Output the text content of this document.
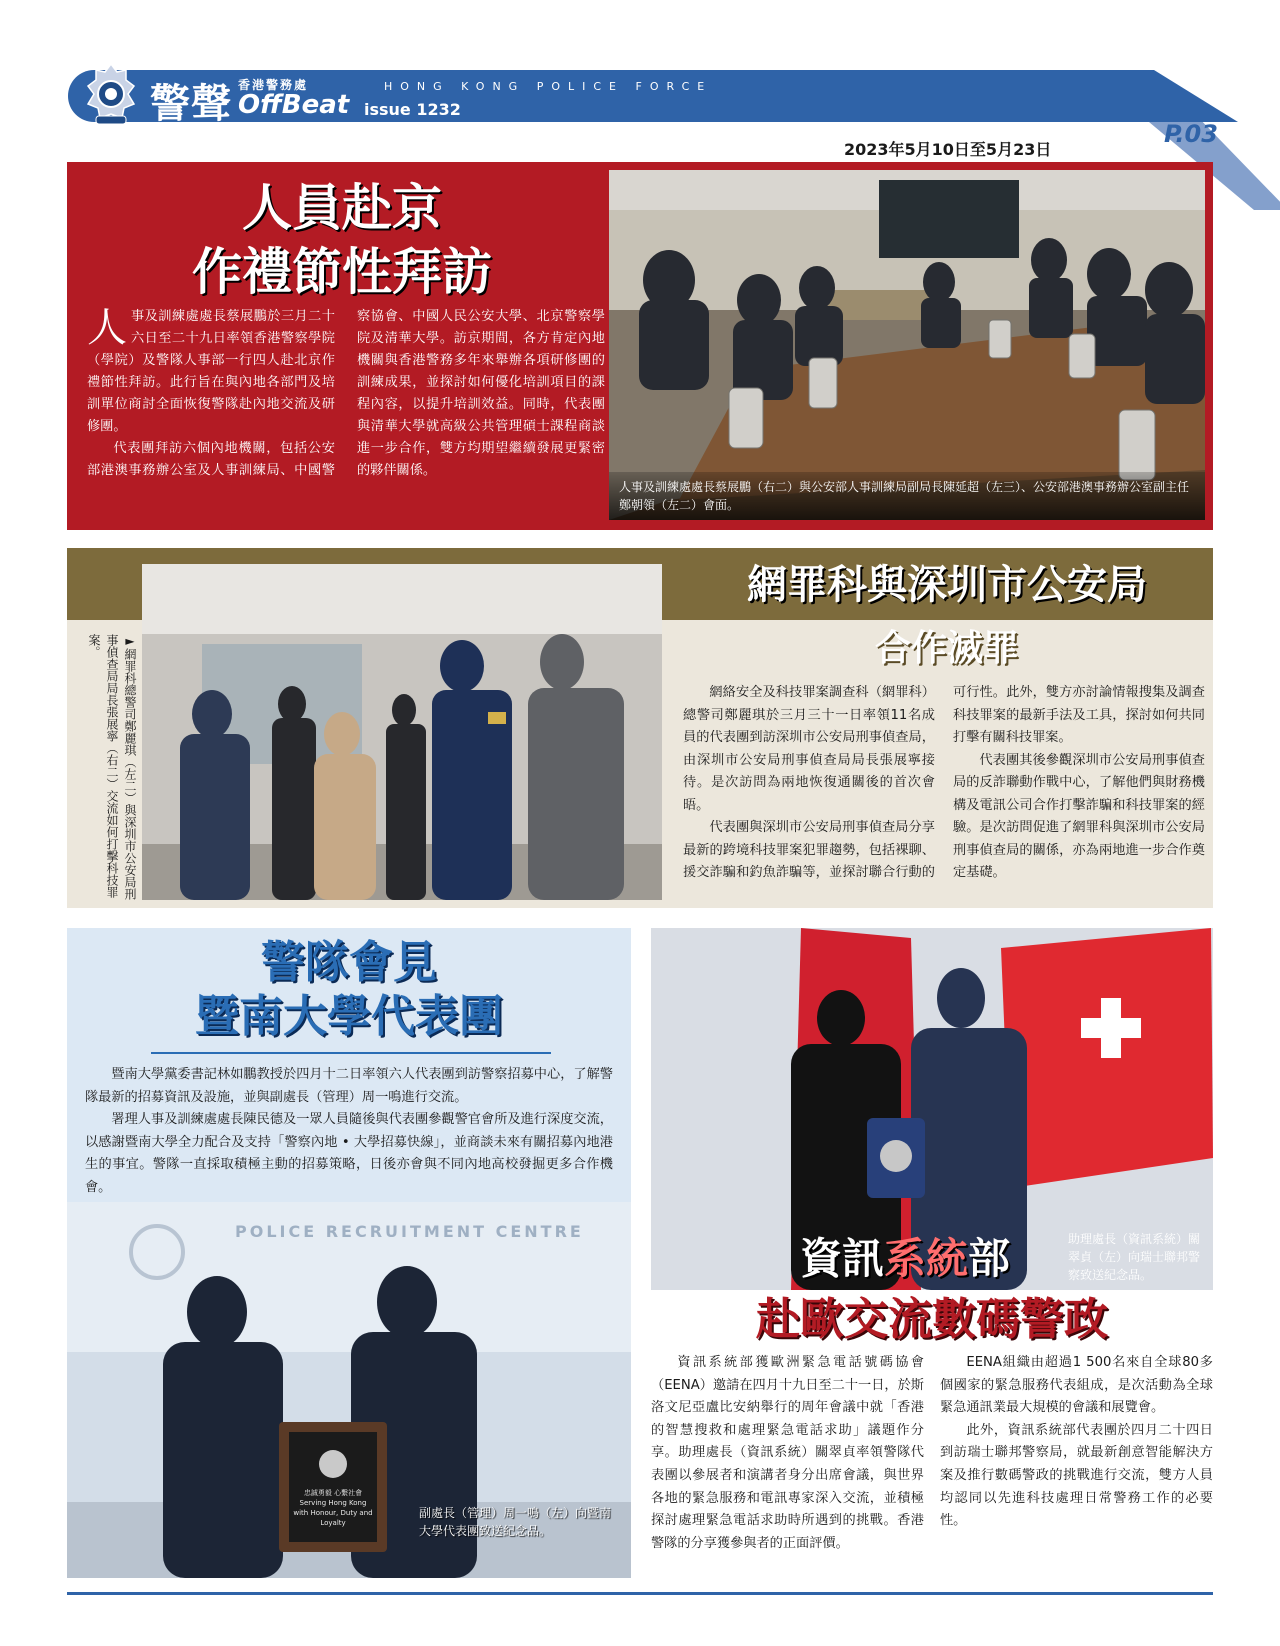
警聲 香港警務處
OffBeat issue 1232
HONG KONG POLICE FORCE
2023年5月10日至5月23日
P.03
人員赴京
作禮節性拜訪

人事及訓練處處長蔡展鵬於三月二十六日至二十九日率領香港警察學院（學院）及警隊人事部一行四人赴北京作禮節性拜訪。此行旨在與內地各部門及培訓單位商討全面恢復警隊赴內地交流及研修團。

代表團拜訪六個內地機關，包括公安部港澳事務辦公室及人事訓練局、中國警察協會、中國人民公安大學、北京警察學院及清華大學。訪京期間，各方肯定內地機關與香港警務多年來舉辦各項研修團的訓練成果，並探討如何優化培訓項目的課程內容，以提升培訓效益。同時，代表團與清華大學就高級公共管理碩士課程商談進一步合作，雙方均期望繼續發展更緊密的夥伴關係。

人事及訓練處處長蔡展鵬（右二）與公安部人事訓練局副局長陳延超（左三）、公安部港澳事務辦公室副主任鄭朝領（左二）會面。
►網罪科總警司鄭麗琪（左二）與深圳市公安局刑事偵查局局長張展寧（右二）交流如何打擊科技罪案。
網罪科與深圳市公安局
合作滅罪

網絡安全及科技罪案調查科（網罪科）總警司鄭麗琪於三月三十一日率領11名成員的代表團到訪深圳市公安局刑事偵查局，由深圳市公安局刑事偵查局局長張展寧接待。是次訪問為兩地恢復通關後的首次會晤。

代表團與深圳市公安局刑事偵查局分享最新的跨境科技罪案犯罪趨勢，包括裸聊、援交詐騙和釣魚詐騙等，並探討聯合行動的可行性。此外，雙方亦討論情報搜集及調查科技罪案的最新手法及工具，探討如何共同打擊有關科技罪案。

代表團其後參觀深圳市公安局刑事偵查局的反詐聯動作戰中心，了解他們與財務機構及電訊公司合作打擊詐騙和科技罪案的經驗。是次訪問促進了網罪科與深圳市公安局刑事偵查局的關係，亦為兩地進一步合作奠定基礎。

警隊會見
暨南大學代表團

暨南大學黨委書記林如鵬教授於四月十二日率領六人代表團到訪警察招募中心，了解警隊最新的招募資訊及設施，並與副處長（管理）周一鳴進行交流。

署理人事及訓練處處長陳民德及一眾人員隨後與代表團參觀警官會所及進行深度交流，以感謝暨南大學全力配合及支持「警察內地 • 大學招募快線」，並商談未來有關招募內地港生的事宜。警隊一直採取積極主動的招募策略，日後亦會與不同內地高校發掘更多合作機會。

POLICE RECRUITMENT CENTRE
忠誠勇毅 心繫社會
Serving Hong Kong
with Honour, Duty and Loyalty
副處長（管理）周一鳴（左）向暨南大學代表團致送紀念品。
資訊系統部	助理處長（資訊系統）關翠貞（左）向瑞士聯邦警察致送紀念品。
赴歐交流數碼警政

資訊系統部獲歐洲緊急電話號碼協會（EENA）邀請在四月十九日至二十一日，於斯洛文尼亞盧比安納舉行的周年會議中就「香港的智慧搜救和處理緊急電話求助」議題作分享。助理處長（資訊系統）關翠貞率領警隊代表團以參展者和演講者身分出席會議，與世界各地的緊急服務和電訊專家深入交流，並積極探討處理緊急電話求助時所遇到的挑戰。香港警隊的分享獲參與者的正面評價。

EENA組織由超過1 500名來自全球80多個國家的緊急服務代表組成，是次活動為全球緊急通訊業最大規模的會議和展覽會。

此外，資訊系統部代表團於四月二十四日到訪瑞士聯邦警察局，就最新創意智能解決方案及推行數碼警政的挑戰進行交流，雙方人員均認同以先進科技處理日常警務工作的必要性。
